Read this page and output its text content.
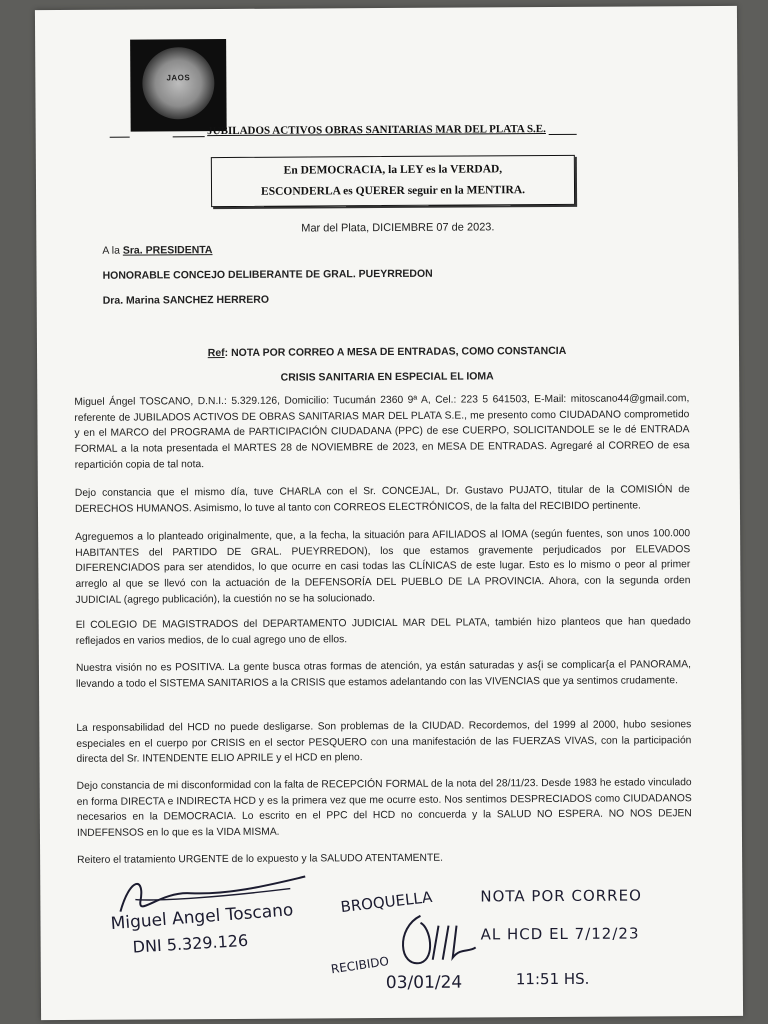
JAOS
JUBILADOS ACTIVOS OBRAS SANITARIAS MAR DEL PLATA S.E.
En DEMOCRACIA, la LEY es la VERDAD,
ESCONDERLA es QUERER seguir en la MENTIRA.
Mar del Plata, DICIEMBRE 07 de 2023.
A la Sra. PRESIDENTA
HONORABLE CONCEJO DELIBERANTE DE GRAL. PUEYRREDON
Dra. Marina SANCHEZ HERRERO
Ref: NOTA POR CORREO A MESA DE ENTRADAS, COMO CONSTANCIA
CRISIS SANITARIA EN ESPECIAL EL IOMA

Miguel Ángel TOSCANO, D.N.I.: 5.329.126, Domicilio: Tucumán 2360 9ª A, Cel.: 223 5 641503, E-Mail: mitoscano44@gmail.com, referente de JUBILADOS ACTIVOS DE OBRAS SANITARIAS MAR DEL PLATA S.E., me presento como CIUDADANO comprometido y en el MARCO del PROGRAMA de PARTICIPACIÓN CIUDADANA (PPC) de ese CUERPO, SOLICITANDOLE se le dé ENTRADA FORMAL a la nota presentada el MARTES 28 de NOVIEMBRE de 2023, en MESA DE ENTRADAS. Agregaré al CORREO de esa repartición copia de tal nota.

Dejo constancia que el mismo día, tuve CHARLA con el Sr. CONCEJAL, Dr. Gustavo PUJATO, titular de la COMISIÓN de DERECHOS HUMANOS. Asimismo, lo tuve al tanto con CORREOS ELECTRÓNICOS, de la falta del RECIBIDO pertinente.

Agreguemos a lo planteado originalmente, que, a la fecha, la situación para AFILIADOS al IOMA (según fuentes, son unos 100.000 HABITANTES del PARTIDO DE GRAL. PUEYRREDON), los que estamos gravemente perjudicados por ELEVADOS DIFERENCIADOS para ser atendidos, lo que ocurre en casi todas las CLÍNICAS de este lugar. Esto es lo mismo o peor al primer arreglo al que se llevó con la actuación de la DEFENSORÍA DEL PUEBLO DE LA PROVINCIA. Ahora, con la segunda orden JUDICIAL (agrego publicación), la cuestión no se ha solucionado.

El COLEGIO DE MAGISTRADOS del DEPARTAMENTO JUDICIAL MAR DEL PLATA, también hizo planteos que han quedado reflejados en varios medios, de lo cual agrego uno de ellos.

Nuestra visión no es POSITIVA. La gente busca otras formas de atención, ya están saturadas y as{i se complicar{a el PANORAMA, llevando a todo el SISTEMA SANITARIOS a la CRISIS que estamos adelantando con las VIVENCIAS que ya sentimos crudamente.

La responsabilidad del HCD no puede desligarse. Son problemas de la CIUDAD. Recordemos, del 1999 al 2000, hubo sesiones especiales en el cuerpo por CRISIS en el sector PESQUERO con una manifestación de las FUERZAS VIVAS, con la participación directa del Sr. INTENDENTE ELIO APRILE y el HCD en pleno.

Dejo constancia de mi disconformidad con la falta de RECEPCIÓN FORMAL de la nota del 28/11/23. Desde 1983 he estado vinculado en forma DIRECTA e INDIRECTA HCD y es la primera vez que me ocurre esto. Nos sentimos DESPRECIADOS como CIUDADANOS necesarios en la DEMOCRACIA. Lo escrito en el PPC del HCD no concuerda y la SALUD NO ESPERA. NO NOS DEJEN INDEFENSOS en lo que es la VIDA MISMA.

Reitero el tratamiento URGENTE de lo expuesto y la SALUDO ATENTAMENTE.

Miguel Angel Toscano
DNI 5.329.126
BROQUELLA
RECIBIDO
03/01/24	11:51 HS.
NOTA POR CORREO
AL HCD EL 7/12/23
